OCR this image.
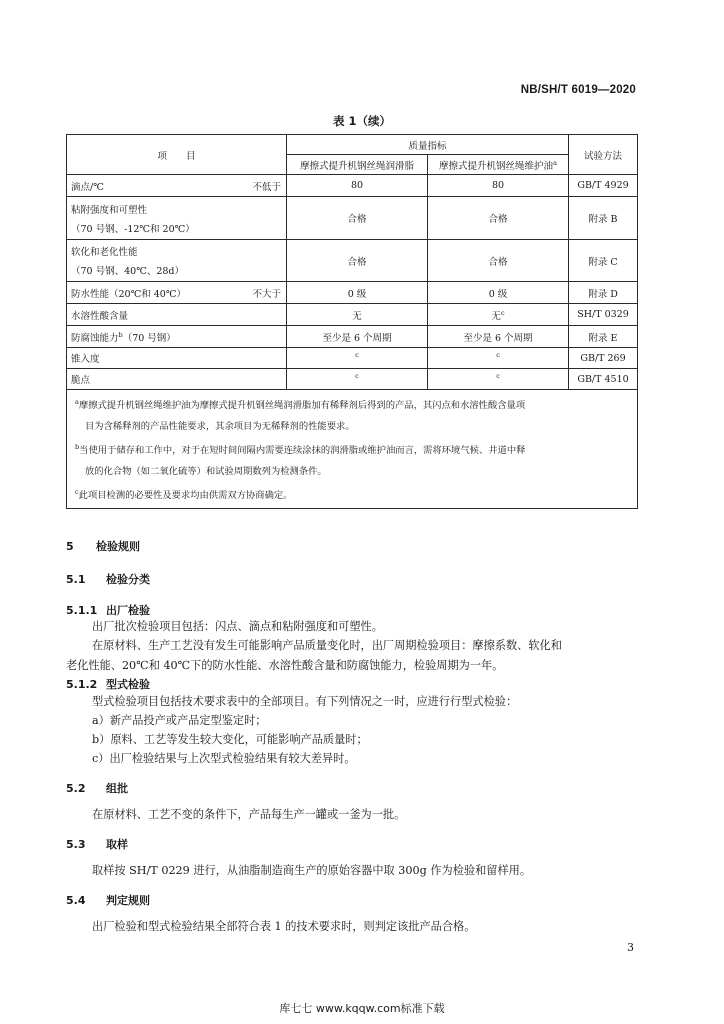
NB/SH/T 6019—2020
表 1（续）
项　　目	质量指标		试验方法
	摩擦式提升机钢丝绳润滑脂	摩擦式提升机钢丝绳维护油$^a$
滴点/℃ 不低于	80	80	GB/T 4929
粘附强度和可塑性
（70 号钢、-12℃和 20℃）	合格	合格	附录 B
软化和老化性能
（70 号钢、40℃、28d）	合格	合格	附录 C
防水性能（20℃和 40℃） 不大于	0 级	0 级	附录 D
水溶性酸含量	无	无$^c$	SH/T 0329
防腐蚀能力$^b$（70 号钢）	至少是 6 个周期	至少是 6 个周期	附录 E
锥入度	$^c$	$^c$	GB/T 269
脆点	$^c$	$^c$	GB/T 4510

$^a$摩擦式提升机钢丝绳维护油为摩擦式提升机钢丝绳润滑脂加有稀释剂后得到的产品，其闪点和水溶性酸含量项
目为含稀释剂的产品性能要求，其余项目为无稀释剂的性能要求。
$^b$当使用于储存和工作中，对于在短时间间隔内需要连续涂抹的润滑脂或维护油而言，需将环境气候、井道中释
放的化合物（如二氧化硫等）和试验周期数列为检测条件。
$^c$此项目检测的必要性及要求均由供需双方协商确定。			
5 检验规则
5.1 检验分类
5.1.1 出厂检验
出厂批次检验项目包括：闪点、滴点和粘附强度和可塑性。
在原材料、生产工艺没有发生可能影响产品质量变化时，出厂周期检验项目：摩擦系数、软化和
老化性能、20℃和 40℃下的防水性能、水溶性酸含量和防腐蚀能力，检验周期为一年。
5.1.2 型式检验
型式检验项目包括技术要求表中的全部项目。有下列情况之一时，应进行行型式检验：
a）新产品投产或产品定型鉴定时；
b）原料、工艺等发生较大变化，可能影响产品质量时；
c）出厂检验结果与上次型式检验结果有较大差异时。
5.2 组批
在原材料、工艺不变的条件下，产品每生产一罐或一釜为一批。
5.3 取样
取样按 SH/T 0229 进行，从油脂制造商生产的原始容器中取 300g 作为检验和留样用。
5.4 判定规则
出厂检验和型式检验结果全部符合表 1 的技术要求时，则判定该批产品合格。
3
库七七 www.kqqw.com标准下载
